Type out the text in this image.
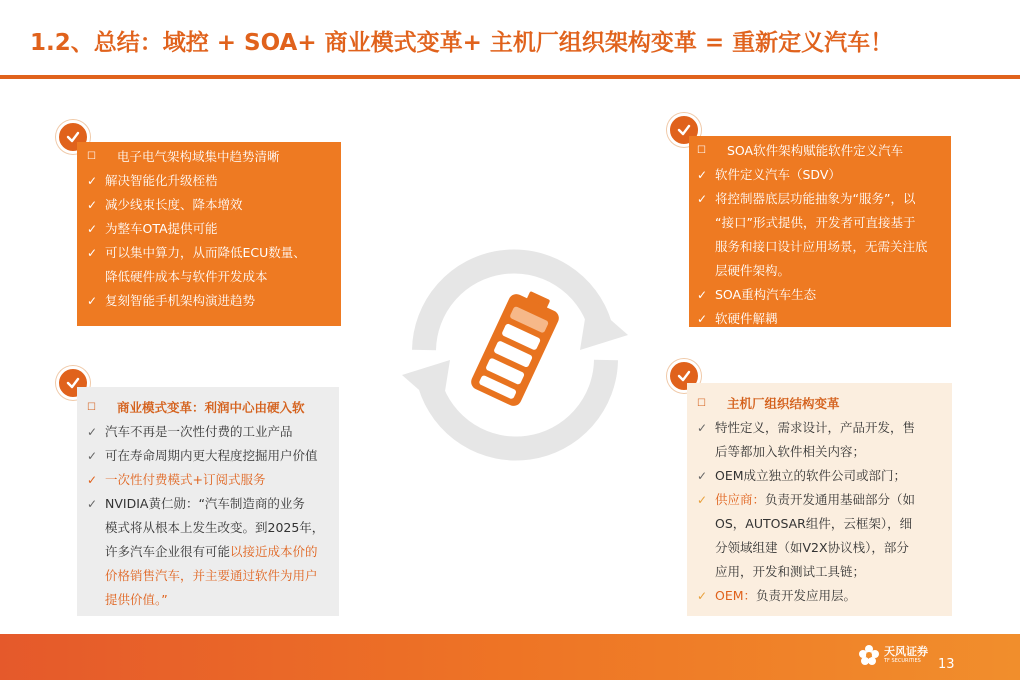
1.2、总结：域控 + SOA+ 商业模式变革+ 主机厂组织架构变革 = 重新定义汽车！
☐	电子电气架构域集中趋势清晰
✓ 解决智能化升级桎梏
✓ 减少线束长度、降本增效
✓ 为整车OTA提供可能
✓ 可以集中算力，从而降低ECU数量、
降低硬件成本与软件开发成本
✓ 复刻智能手机架构演进趋势
☐	SOA软件架构赋能软件定义汽车
✓ 软件定义汽车（SDV）
✓ 将控制器底层功能抽象为“服务”，以
“接口”形式提供，开发者可直接基于
服务和接口设计应用场景，无需关注底
层硬件架构。
✓ SOA重构汽车生态
✓ 软硬件解耦
☐	商业模式变革：利润中心由硬入软
✓ 汽车不再是一次性付费的工业产品
✓ 可在寿命周期内更大程度挖掘用户价值
✓ 一次性付费模式+订阅式服务
✓ NVIDIA黄仁勋：“汽车制造商的业务
模式将从根本上发生改变。到2025年，
许多汽车企业很有可能以接近成本价的
价格销售汽车，并主要通过软件为用户
提供价值。”
☐	主机厂组织结构变革
✓ 特性定义，需求设计，产品开发，售
后等都加入软件相关内容；
✓ OEM成立独立的软件公司或部门；
✓ 供应商：负责开发通用基础部分（如
OS，AUTOSAR组件，云框架），细
分领域组建（如V2X协议栈），部分
应用，开发和测试工具链；
✓ OEM：负责开发应用层。
天风证券
TF SECURITIES	13
